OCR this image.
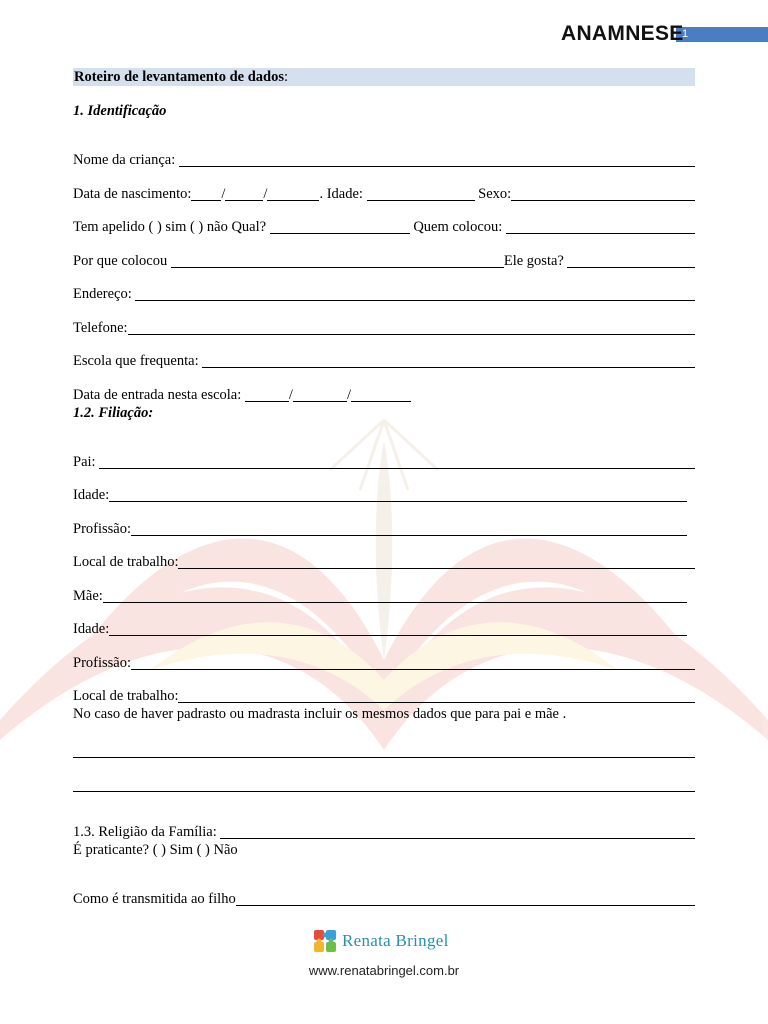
ANAMNESE
1
Roteiro de levantamento de dados:
1. Identificação
Nome da criança:
Data de nascimento: /	/	. Idade:	Sexo:
Tem apelido ( ) sim ( ) não Qual?	Quem colocou:
Por que colocou	Ele gosta?
Endereço:
Telefone:
Escola que frequenta:
Data de entrada nesta escola:	/	/
1.2. Filiação:
Pai:
Idade:
Profissão:
Local de trabalho:
Mãe:
Idade:
Profissão:
Local de trabalho:
No caso de haver padrasto ou madrasta incluir os mesmos dados que para pai e mãe .
1.3. Religião da Família:
É praticante? ( ) Sim ( ) Não
Como é transmitida ao filho
Renata Bringel
www.renatabringel.com.br
